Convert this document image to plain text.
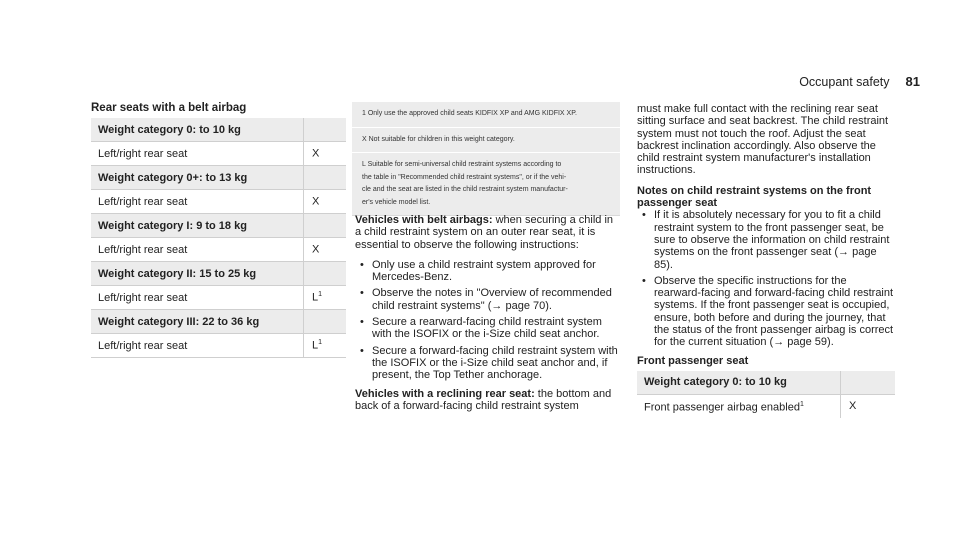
Occupant safety 81
Rear seats with a belt airbag
Weight category 0: to 10 kg	
Left/right rear seat	X
Weight category 0+: to 13 kg	
Left/right rear seat	X
Weight category I: 9 to 18 kg	
Left/right rear seat	X
Weight category II: 15 to 25 kg	
Left/right rear seat	$L^1$
Weight category III: 22 to 36 kg	
Left/right rear seat	$L^1$
1 Only use the approved child seats KIDFIX XP and AMG KIDFIX XP.
X Not suitable for children in this weight category.
L Suitable for semi-universal child restraint systems according to
the table in "Recommended child restraint systems", or if the vehi-
cle and the seat are listed in the child restraint system manufactur-
er's vehicle model list.

Vehicles with belt airbags: when securing a child in a child restraint system on an outer rear seat, it is essential to observe the following instructions:

• Only use a child restraint system approved for Mercedes-Benz.
• Observe the notes in "Overview of recommended child restraint systems" (→ page 70).
• Secure a rearward-facing child restraint system with the ISOFIX or the i-Size child seat anchor.
• Secure a forward-facing child restraint system with the ISOFIX or the i-Size child seat anchor and, if present, the Top Tether anchorage.

Vehicles with a reclining rear seat: the bottom and back of a forward-facing child restraint system

must make full contact with the reclining rear seat sitting surface and seat backrest. The child restraint system must not touch the roof. Adjust the seat backrest inclination accordingly. Also observe the child restraint system manufacturer's installation instructions.

Notes on child restraint systems on the front passenger seat
• If it is absolutely necessary for you to fit a child restraint system to the front passenger seat, be sure to observe the information on child restraint systems on the front passenger seat (→ page 85).
• Observe the specific instructions for the rearward-facing and forward-facing child restraint systems. If the front passenger seat is occupied, ensure, both before and during the journey, that the status of the front passenger airbag is correct for the current situation (→ page 59).
Front passenger seat
Weight category 0: to 10 kg	
Front passenger airbag enabled$^1$	X
